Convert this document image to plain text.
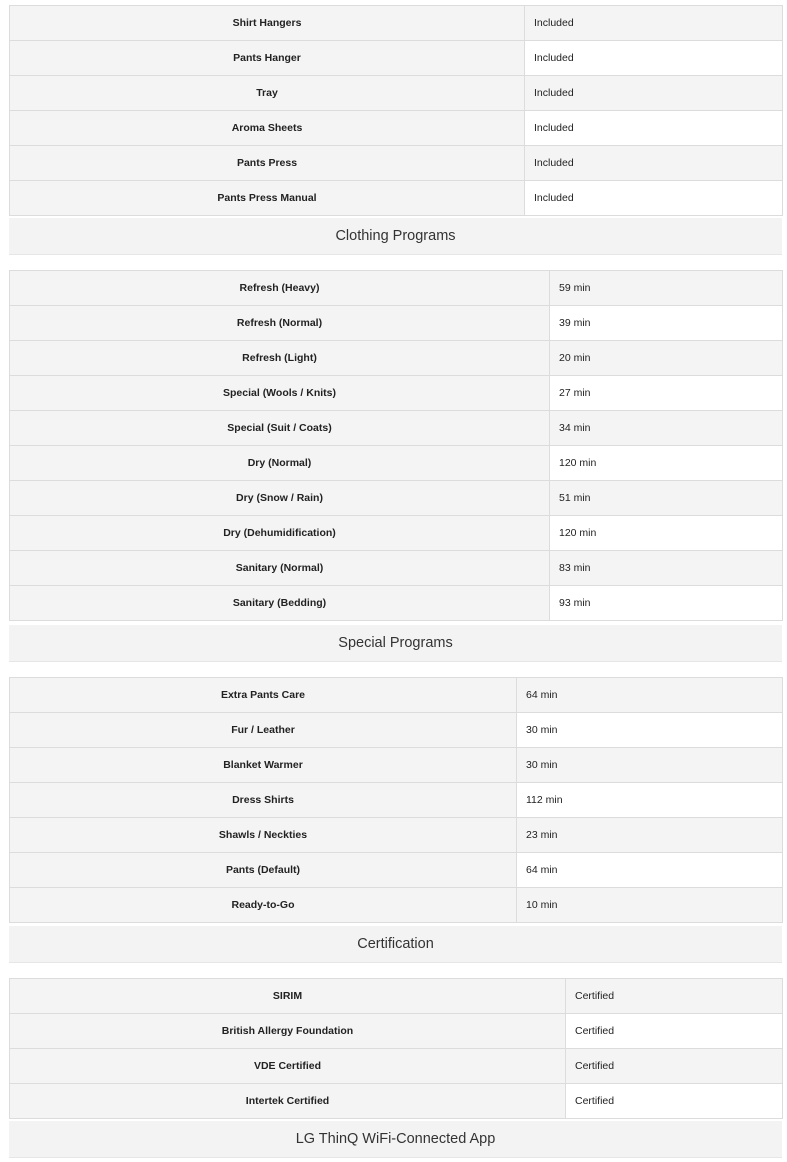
Shirt Hangers	Included
Pants Hanger	Included
Tray	Included
Aroma Sheets	Included
Pants Press	Included
Pants Press Manual	Included
Clothing Programs
Refresh (Heavy)	59 min
Refresh (Normal)	39 min
Refresh (Light)	20 min
Special (Wools / Knits)	27 min
Special (Suit / Coats)	34 min
Dry (Normal)	120 min
Dry (Snow / Rain)	51 min
Dry (Dehumidification)	120 min
Sanitary (Normal)	83 min
Sanitary (Bedding)	93 min
Special Programs
Extra Pants Care	64 min
Fur / Leather	30 min
Blanket Warmer	30 min
Dress Shirts	112 min
Shawls / Neckties	23 min
Pants (Default)	64 min
Ready-to-Go	10 min
Certification
SIRIM	Certified
British Allergy Foundation	Certified
VDE Certified	Certified
Intertek Certified	Certified
LG ThinQ WiFi-Connected App
